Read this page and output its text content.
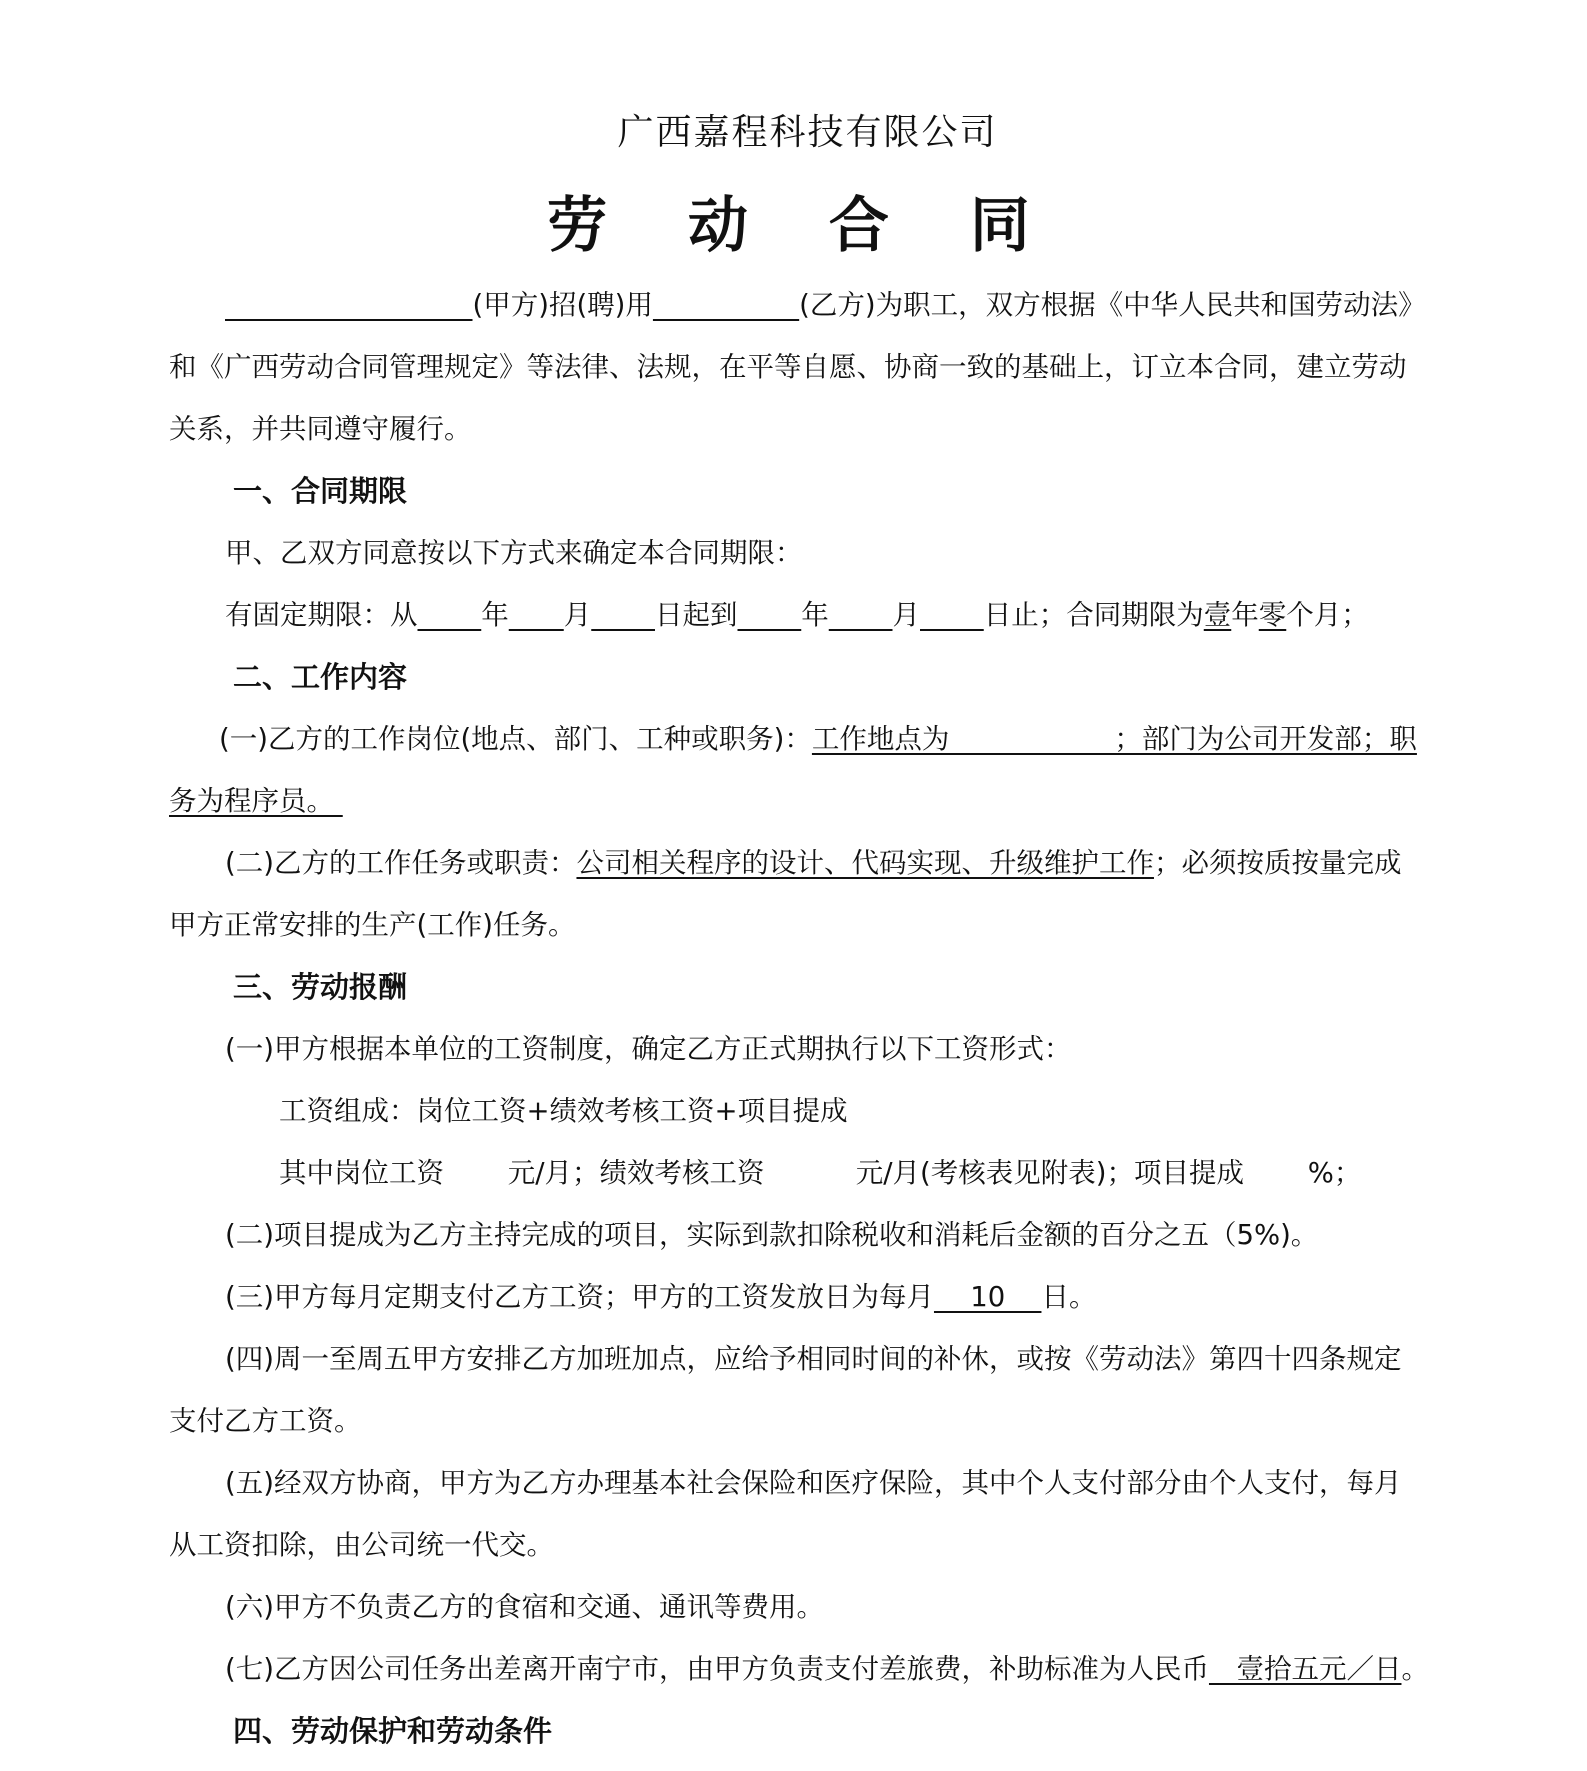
广西嘉程科技有限公司
劳 动 合 同
　　　　　　　　　(甲方)招(聘)用　　　　　	(乙方)为职工，双方根据《中华人民共和国劳动法》
和《广西劳动合同管理规定》等法律、法规，在平等自愿、协商一致的基础上，订立本合同，建立劳动
关系，并共同遵守履行。
一、合同期限
甲、乙双方同意按以下方式来确定本合同期限：
有固定期限：从　　 年　　 月　　 日起到　　 年　　 月　　 日止；合同期限为壹年零个月；
二、工作内容
(一)乙方的工作岗位(地点、部门、工种或职务)：工作地点为　　　　　　；部门为公司开发部；职
务为程序员。
(二)乙方的工作任务或职责：公司相关程序的设计、代码实现、升级维护工作；必须按质按量完成
甲方正常安排的生产(工作)任务。
三、劳动报酬
(一)甲方根据本单位的工资制度，确定乙方正式期执行以下工资形式：
工资组成：岗位工资+绩效考核工资+项目提成
其中岗位工资　　 元/月；绩效考核工资　　　 元/月(考核表见附表)；项目提成　　 %；
(二)项目提成为乙方主持完成的项目，实际到款扣除税收和消耗后金额的百分之五（5%)。
(三)甲方每月定期支付乙方工资；甲方的工资发放日为每月　 10　 日。
(四)周一至周五甲方安排乙方加班加点，应给予相同时间的补休，或按《劳动法》第四十四条规定
支付乙方工资。
(五)经双方协商，甲方为乙方办理基本社会保险和医疗保险，其中个人支付部分由个人支付，每月
从工资扣除，由公司统一代交。
(六)甲方不负责乙方的食宿和交通、通讯等费用。
(七)乙方因公司任务出差离开南宁市，由甲方负责支付差旅费，补助标准为人民币　壹拾五元／日。
四、劳动保护和劳动条件
